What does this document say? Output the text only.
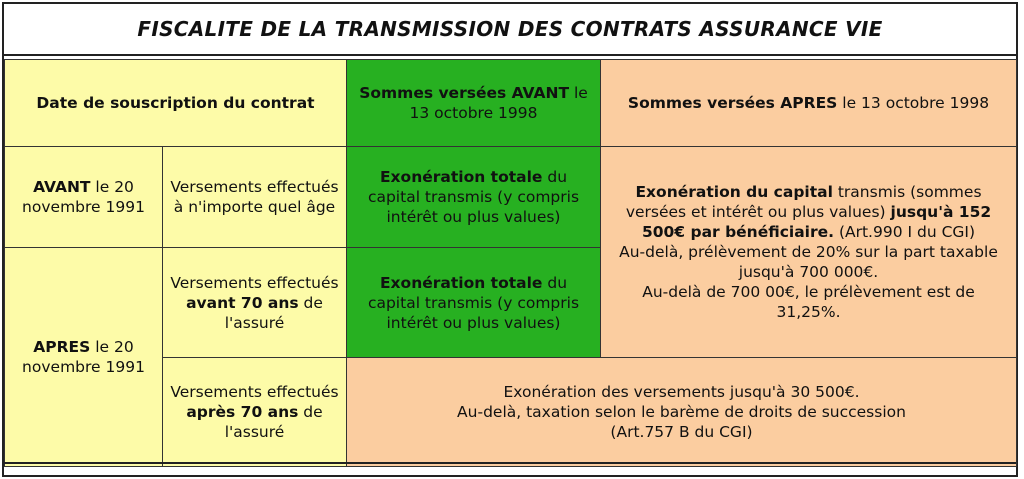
FISCALITE DE LA TRANSMISSION DES CONTRATS ASSURANCE VIE
Date de souscription du contrat		Sommes versées AVANT le 13 octobre 1998	Sommes versées APRES le 13 octobre 1998
AVANT le 20 novembre 1991	Versements effectués à n'importe quel âge	Exonération totale du capital transmis (y compris intérêt ou plus values)	Exonération du capital transmis (sommes versées et intérêt ou plus values) jusqu'à 152 500€ par bénéficiaire. (Art.990 I du CGI)
Au-delà, prélèvement de 20% sur la part taxable jusqu'à 700 000€.
Au-delà de 700 00€, le prélèvement est de 31,25%.

APRES le 20 novembre 1991	Versements effectués avant 70 ans de l'assuré	Exonération totale du capital transmis (y compris intérêt ou plus values)	
	Versements effectués après 70 ans de l'assuré	Exonération des versements jusqu'à 30 500€.
Au-delà, taxation selon le barème de droits de succession
(Art.757 B du CGI)	
